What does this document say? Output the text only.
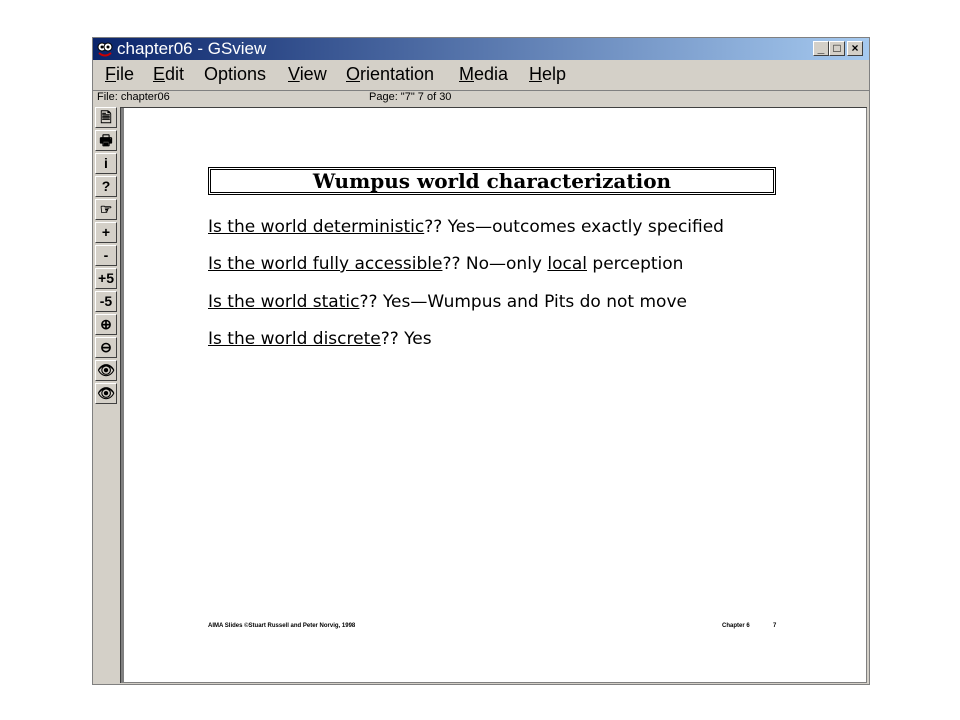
chapter06 - GSview	_ □ ×
File Edit Options View Orientation Media Help
File: chapter06	Page: "7" 7 of 30
🗎
🖶
i
?
☞
+
-
+5
-5
⊕
⊖
👁
👁
Wumpus world characterization
Is the world deterministic?? Yes—outcomes exactly specified
Is the world fully accessible?? No—only local perception
Is the world static?? Yes—Wumpus and Pits do not move
Is the world discrete?? Yes
AIMA Slides ©Stuart Russell and Peter Norvig, 1998	Chapter 6	7
